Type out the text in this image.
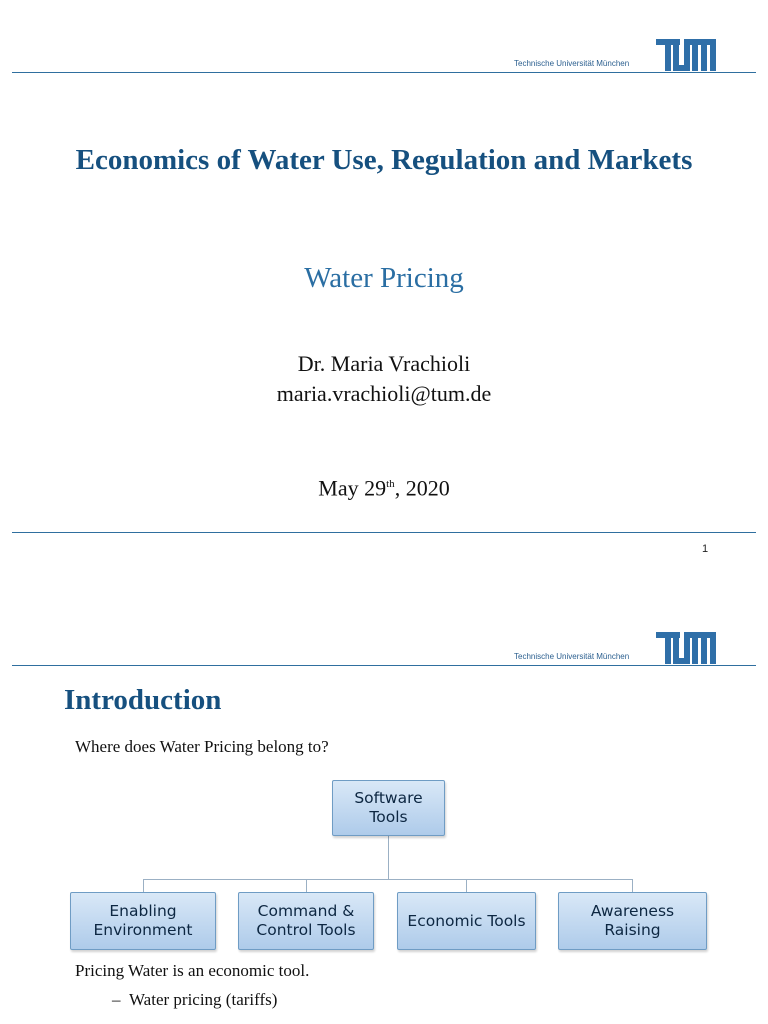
Technische Universität München
Economics of Water Use, Regulation and Markets
Water Pricing
Dr. Maria Vrachioli
maria.vrachioli@tum.de
May 29th, 2020
1
Technische Universität München
Introduction
Where does Water Pricing belong to?
Software
Tools
Enabling
Environment
Command &
Control Tools
Economic Tools
Awareness
Raising
Pricing Water is an economic tool.
–  Water pricing (tariffs)
